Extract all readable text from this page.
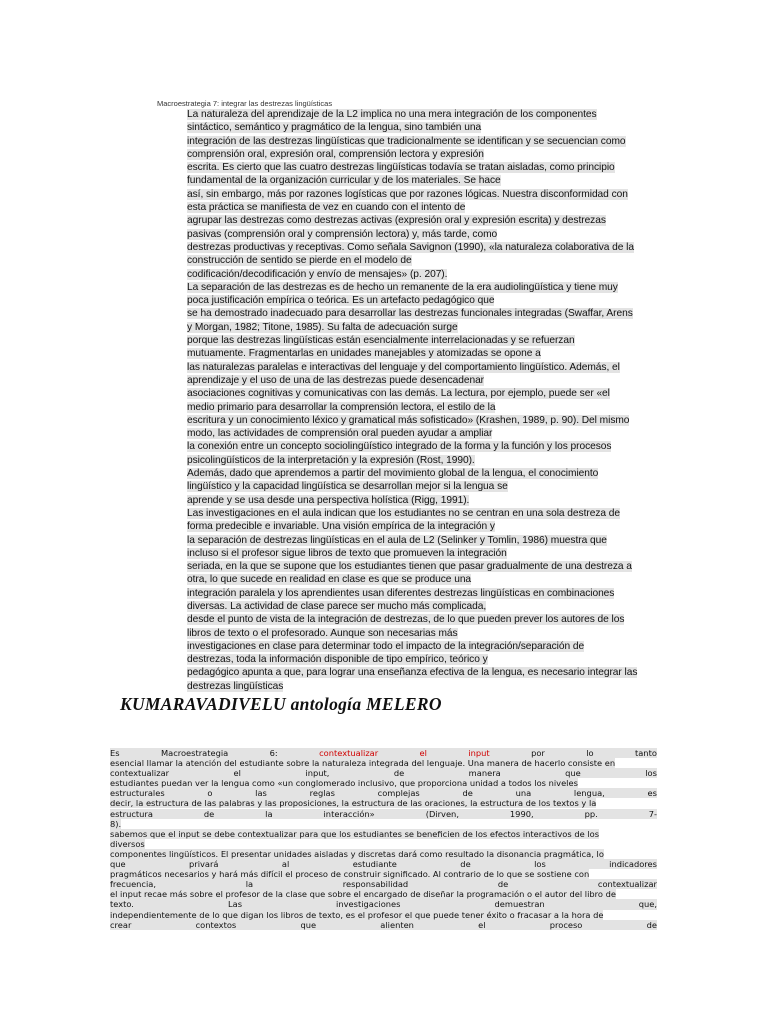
Macroestrategia 7: integrar las destrezas lingüísticas
La naturaleza del aprendizaje de la L2 implica no una mera integración de los componentes
sintáctico, semántico y pragmático de la lengua, sino también una
integración de las destrezas lingüísticas que tradicionalmente se identifican y se secuencian como
comprensión oral, expresión oral, comprensión lectora y expresión
escrita. Es cierto que las cuatro destrezas lingüísticas todavía se tratan aisladas, como principio
fundamental de la organización curricular y de los materiales. Se hace
así, sin embargo, más por razones logísticas que por razones lógicas. Nuestra disconformidad con
esta práctica se manifiesta de vez en cuando con el intento de
agrupar las destrezas como destrezas activas (expresión oral y expresión escrita) y destrezas
pasivas (comprensión oral y comprensión lectora) y, más tarde, como
destrezas productivas y receptivas. Como señala Savignon (1990), «la naturaleza colaborativa de la
construcción de sentido se pierde en el modelo de
codificación/decodificación y envío de mensajes» (p. 207).
La separación de las destrezas es de hecho un remanente de la era audiolingüística y tiene muy
poca justificación empírica o teórica. Es un artefacto pedagógico que
se ha demostrado inadecuado para desarrollar las destrezas funcionales integradas (Swaffar, Arens
y Morgan, 1982; Titone, 1985). Su falta de adecuación surge
porque las destrezas lingüísticas están esencialmente interrelacionadas y se refuerzan
mutuamente. Fragmentarlas en unidades manejables y atomizadas se opone a
las naturalezas paralelas e interactivas del lenguaje y del comportamiento lingüístico. Además, el
aprendizaje y el uso de una de las destrezas puede desencadenar
asociaciones cognitivas y comunicativas con las demás. La lectura, por ejemplo, puede ser «el
medio primario para desarrollar la comprensión lectora, el estilo de la
escritura y un conocimiento léxico y gramatical más sofisticado» (Krashen, 1989, p. 90). Del mismo
modo, las actividades de comprensión oral pueden ayudar a ampliar
la conexión entre un concepto sociolingüístico integrado de la forma y la función y los procesos
psicolingüísticos de la interpretación y la expresión (Rost, 1990).
Además, dado que aprendemos a partir del movimiento global de la lengua, el conocimiento
lingüístico y la capacidad lingüística se desarrollan mejor si la lengua se
aprende y se usa desde una perspectiva holística (Rigg, 1991).
Las investigaciones en el aula indican que los estudiantes no se centran en una sola destreza de
forma predecible e invariable. Una visión empírica de la integración y
la separación de destrezas lingüísticas en el aula de L2 (Selinker y Tomlin, 1986) muestra que
incluso si el profesor sigue libros de texto que promueven la integración
seriada, en la que se supone que los estudiantes tienen que pasar gradualmente de una destreza a
otra, lo que sucede en realidad en clase es que se produce una
integración paralela y los aprendientes usan diferentes destrezas lingüísticas en combinaciones
diversas. La actividad de clase parece ser mucho más complicada,
desde el punto de vista de la integración de destrezas, de lo que pueden prever los autores de los
libros de texto o el profesorado. Aunque son necesarias más
investigaciones en clase para determinar todo el impacto de la integración/separación de
destrezas, toda la información disponible de tipo empírico, teórico y
pedagógico apunta a que, para lograr una enseñanza efectiva de la lengua, es necesario integrar las
destrezas lingüísticas
KUMARAVADIVELU antología MELERO
Es	Macroestrategia	6:	contextualizar	el	input	por	lo	tanto
esencial llamar la atención del estudiante sobre la naturaleza integrada del lenguaje. Una manera de hacerlo consiste en
contextualizar	el	input,	de	manera	que	los
estudiantes puedan ver la lengua como «un conglomerado inclusivo, que proporciona unidad a todos los niveles
estructurales	o	las	reglas	complejas	de	una	lengua,	es
decir, la estructura de las palabras y las proposiciones, la estructura de las oraciones, la estructura de los textos y la
estructura	de	la	interacción»	(Dirven,	1990,	pp.	7-
8).
sabemos que el input se debe contextualizar para que los estudiantes se beneficien de los efectos interactivos de los
diversos
componentes lingüísticos. El presentar unidades aisladas y discretas dará como resultado la disonancia pragmática, lo
que	privará	al	estudiante	de	los	indicadores
pragmáticos necesarios y hará más difícil el proceso de construir significado. Al contrario de lo que se sostiene con
frecuencia,	la	responsabilidad	de	contextualizar
el input recae más sobre el profesor de la clase que sobre el encargado de diseñar la programación o el autor del libro de
texto.	Las	investigaciones	demuestran	que,
independientemente de lo que digan los libros de texto, es el profesor el que puede tener éxito o fracasar a la hora de
crear	contextos	que	alienten	el	proceso	de
